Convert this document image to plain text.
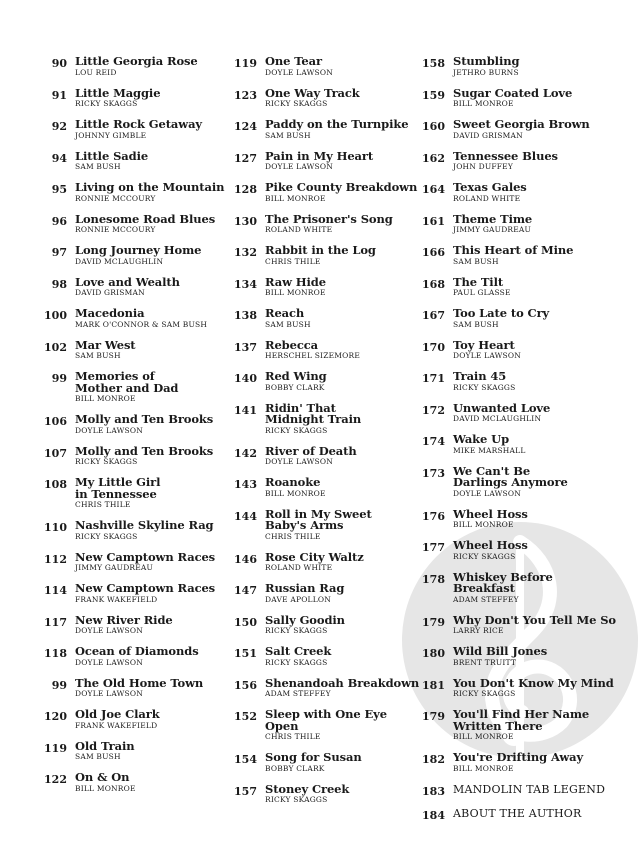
90 Little Georgia Rose
LOU REID
91 Little Maggie
RICKY SKAGGS
92 Little Rock Getaway
JOHNNY GIMBLE
94 Little Sadie
SAM BUSH
95 Living on the Mountain
RONNIE MCCOURY
96 Lonesome Road Blues
RONNIE MCCOURY
97 Long Journey Home
DAVID MCLAUGHLIN
98 Love and Wealth
DAVID GRISMAN
100 Macedonia
MARK O'CONNOR & SAM BUSH
102 Mar West
SAM BUSH
99 Memories of
Mother and Dad
BILL MONROE
106 Molly and Ten Brooks
DOYLE LAWSON
107 Molly and Ten Brooks
RICKY SKAGGS
108 My Little Girl
in Tennessee
CHRIS THILE
110 Nashville Skyline Rag
RICKY SKAGGS
112 New Camptown Races
JIMMY GAUDREAU
114 New Camptown Races
FRANK WAKEFIELD
117 New River Ride
DOYLE LAWSON
118 Ocean of Diamonds
DOYLE LAWSON
99 The Old Home Town
DOYLE LAWSON
120 Old Joe Clark
FRANK WAKEFIELD
119 Old Train
SAM BUSH
122 On & On
BILL MONROE
119 One Tear
DOYLE LAWSON
123 One Way Track
RICKY SKAGGS
124 Paddy on the Turnpike
SAM BUSH
127 Pain in My Heart
DOYLE LAWSON
128 Pike County Breakdown
BILL MONROE
130 The Prisoner's Song
ROLAND WHITE
132 Rabbit in the Log
CHRIS THILE
134 Raw Hide
BILL MONROE
138 Reach
SAM BUSH
137 Rebecca
HERSCHEL SIZEMORE
140 Red Wing
BOBBY CLARK
141 Ridin' That
Midnight Train
RICKY SKAGGS
142 River of Death
DOYLE LAWSON
143 Roanoke
BILL MONROE
144 Roll in My Sweet
Baby's Arms
CHRIS THILE
146 Rose City Waltz
ROLAND WHITE
147 Russian Rag
DAVE APOLLON
150 Sally Goodin
RICKY SKAGGS
151 Salt Creek
RICKY SKAGGS
156 Shenandoah Breakdown
ADAM STEFFEY
152 Sleep with One Eye Open
CHRIS THILE
154 Song for Susan
BOBBY CLARK
157 Stoney Creek
RICKY SKAGGS
158 Stumbling
JETHRO BURNS
159 Sugar Coated Love
BILL MONROE
160 Sweet Georgia Brown
DAVID GRISMAN
162 Tennessee Blues
JOHN DUFFEY
164 Texas Gales
ROLAND WHITE
161 Theme Time
JIMMY GAUDREAU
166 This Heart of Mine
SAM BUSH
168 The Tilt
PAUL GLASSE
167 Too Late to Cry
SAM BUSH
170 Toy Heart
DOYLE LAWSON
171 Train 45
RICKY SKAGGS
172 Unwanted Love
DAVID MCLAUGHLIN
174 Wake Up
MIKE MARSHALL
173 We Can't Be
Darlings Anymore
DOYLE LAWSON
176 Wheel Hoss
BILL MONROE
177 Wheel Hoss
RICKY SKAGGS
178 Whiskey Before Breakfast
ADAM STEFFEY
179 Why Don't You Tell Me So
LARRY RICE
180 Wild Bill Jones
BRENT TRUITT
181 You Don't Know My Mind
RICKY SKAGGS
179 You'll Find Her Name
Written There
BILL MONROE
182 You're Drifting Away
BILL MONROE
183 MANDOLIN TAB LEGEND
184 ABOUT THE AUTHOR
